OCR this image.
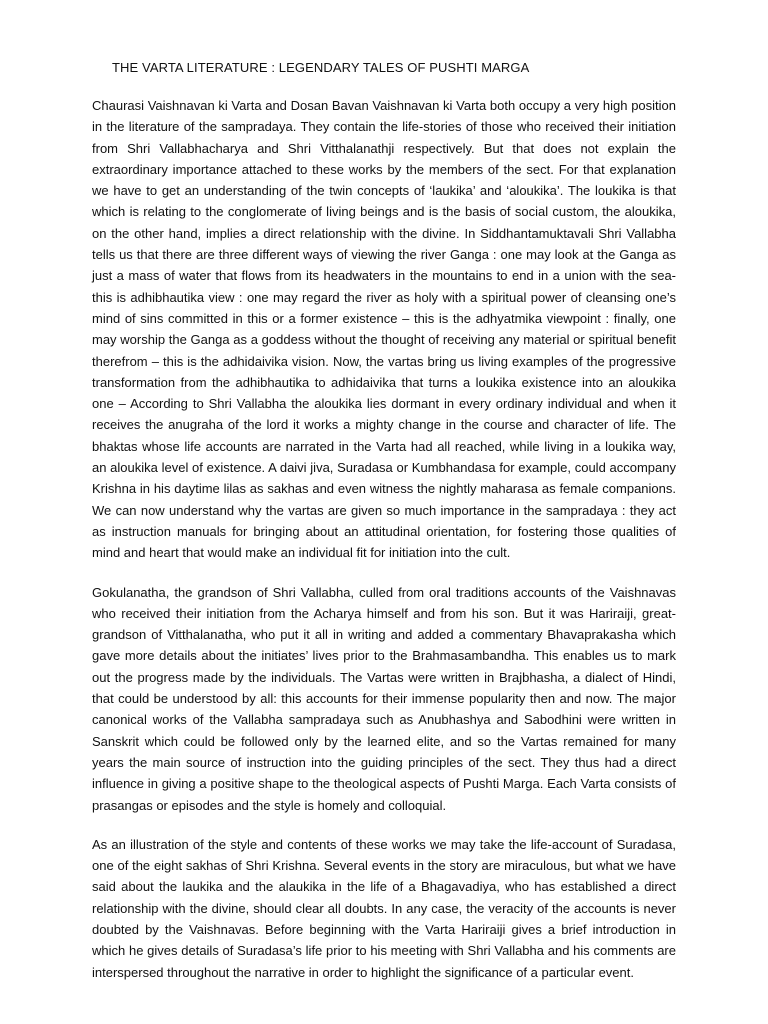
THE VARTA LITERATURE : LEGENDARY TALES OF PUSHTI MARGA

Chaurasi Vaishnavan ki Varta and Dosan Bavan Vaishnavan ki Varta both occupy a very high position in the literature of the sampradaya. They contain the life-stories of those who received their initiation from Shri Vallabhacharya and Shri Vitthalanathji respectively. But that does not explain the extraordinary importance attached to these works by the members of the sect. For that explanation we have to get an understanding of the twin concepts of ‘laukika’ and ‘aloukika’. The loukika is that which is relating to the conglomerate of living beings and is the basis of social custom, the aloukika, on the other hand, implies a direct relationship with the divine. In Siddhantamuktavali Shri Vallabha tells us that there are three different ways of viewing the river Ganga : one may look at the Ganga as just a mass of water that flows from its headwaters in the mountains to end in a union with the sea-this is adhibhautika view : one may regard the river as holy with a spiritual power of cleansing one’s mind of sins committed in this or a former existence – this is the adhyatmika viewpoint : finally, one may worship the Ganga as a goddess without the thought of receiving any material or spiritual benefit therefrom – this is the adhidaivika vision. Now, the vartas bring us living examples of the progressive transformation from the adhibhautika to adhidaivika that turns a loukika existence into an aloukika one – According to Shri Vallabha the aloukika lies dormant in every ordinary individual and when it receives the anugraha of the lord it works a mighty change in the course and character of life. The bhaktas whose life accounts are narrated in the Varta had all reached, while living in a loukika way, an aloukika level of existence. A daivi jiva, Suradasa or Kumbhandasa for example, could accompany Krishna in his daytime lilas as sakhas and even witness the nightly maharasa as female companions. We can now understand why the vartas are given so much importance in the sampradaya : they act as instruction manuals for bringing about an attitudinal orientation, for fostering those qualities of mind and heart that would make an individual fit for initiation into the cult.

Gokulanatha, the grandson of Shri Vallabha, culled from oral traditions accounts of the Vaishnavas who received their initiation from the Acharya himself and from his son. But it was Hariraiji, great-grandson of Vitthalanatha, who put it all in writing and added a commentary Bhavaprakasha which gave more details about the initiates’ lives prior to the Brahmasambandha. This enables us to mark out the progress made by the individuals. The Vartas were written in Brajbhasha, a dialect of Hindi, that could be understood by all: this accounts for their immense popularity then and now. The major canonical works of the Vallabha sampradaya such as Anubhashya and Sabodhini were written in Sanskrit which could be followed only by the learned elite, and so the Vartas remained for many years the main source of instruction into the guiding principles of the sect. They thus had a direct influence in giving a positive shape to the theological aspects of Pushti Marga. Each Varta consists of prasangas or episodes and the style is homely and colloquial.

As an illustration of the style and contents of these works we may take the life-account of Suradasa, one of the eight sakhas of Shri Krishna. Several events in the story are miraculous, but what we have said about the laukika and the alaukika in the life of a Bhagavadiya, who has established a direct relationship with the divine, should clear all doubts. In any case, the veracity of the accounts is never doubted by the Vaishnavas. Before beginning with the Varta Hariraiji gives a brief introduction in which he gives details of Suradasa’s life prior to his meeting with Shri Vallabha and his comments are interspersed throughout the narrative in order to highlight the significance of a particular event.
